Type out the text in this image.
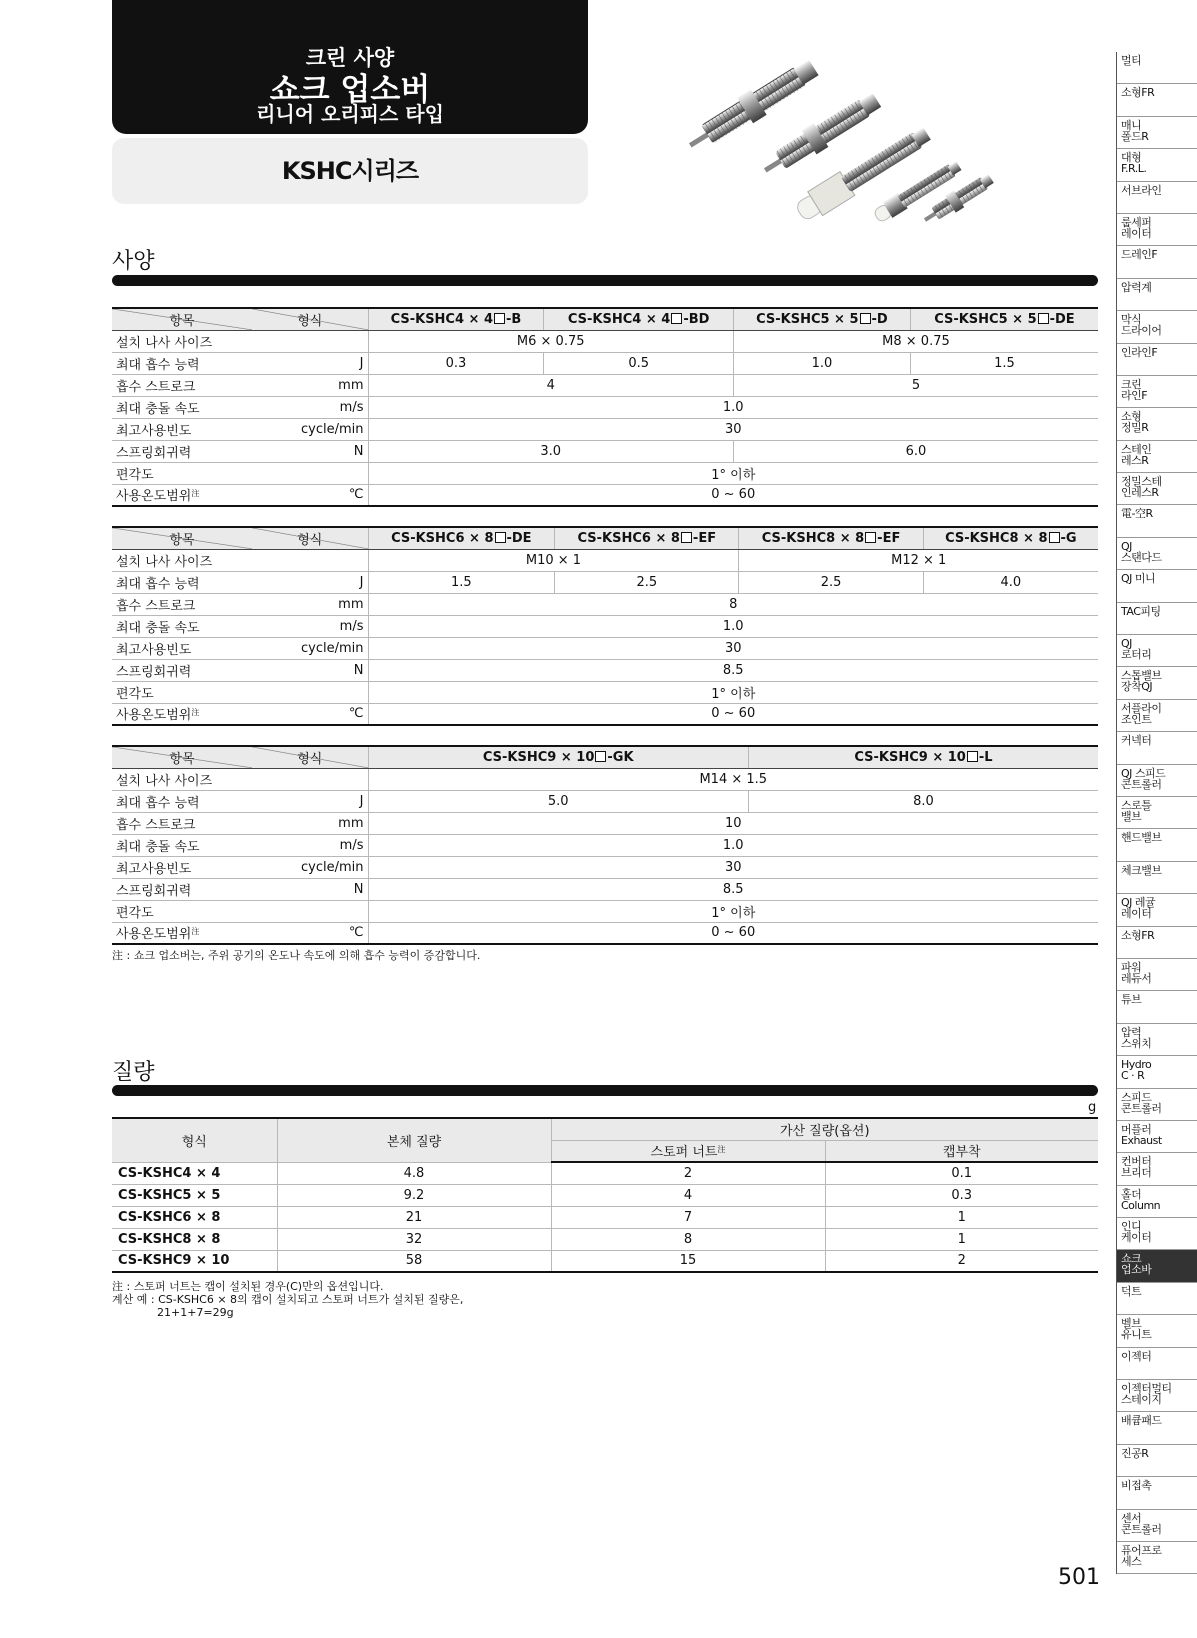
크린 사양
쇼크 업소버
리니어 오리피스 타입
KSHC시리즈
사양
항목	형식	CS-KSHC4 × 4 -B	CS-KSHC4 × 4 -BD	CS-KSHC5 × 5 -D	CS-KSHC5 × 5 -DE
설치 나사 사이즈		M6 × 0.75		M8 × 0.75	
최대 흡수 능력	J	0.3	0.5	1.0	1.5
흡수 스트로크	mm	4		5	
최대 충돌 속도	m/s	1.0			
최고사용빈도	cycle/min	30			
스프링회귀력	N	3.0		6.0	
편각도		1° 이하			
사용온도범위$^注$	℃	0 ~ 60			
항목	형식	CS-KSHC6 × 8 -DE	CS-KSHC6 × 8 -EF	CS-KSHC8 × 8 -EF	CS-KSHC8 × 8 -G
설치 나사 사이즈		M10 × 1		M12 × 1	
최대 흡수 능력	J	1.5	2.5	2.5	4.0
흡수 스트로크	mm	8			
최대 충돌 속도	m/s	1.0			
최고사용빈도	cycle/min	30			
스프링회귀력	N	8.5			
편각도		1° 이하			
사용온도범위$^注$	℃	0 ~ 60			
항목	형식	CS-KSHC9 × 10 -GK	CS-KSHC9 × 10 -L
설치 나사 사이즈		M14 × 1.5	
최대 흡수 능력	J	5.0	8.0
흡수 스트로크	mm	10	
최대 충돌 속도	m/s	1.0	
최고사용빈도	cycle/min	30	
스프링회귀력	N	8.5	
편각도		1° 이하	
사용온도범위$^注$	℃	0 ~ 60	
注 : 쇼크 업소버는, 주위 공기의 온도나 속도에 의해 흡수 능력이 증감합니다.
질량
g
형식	본체 질량	가산 질량(옵션)	
		스토퍼 너트$^注$	캡부착
CS-KSHC4 × 4	4.8	2	0.1
CS-KSHC5 × 5	9.2	4	0.3
CS-KSHC6 × 8	21	7	1
CS-KSHC8 × 8	32	8	1
CS-KSHC9 × 10	58	15	2
注 : 스토퍼 너트는 캡이 설치된 경우(C)만의 옵션입니다.
계산 예 : CS-KSHC6 × 8의 캡이 설치되고 스토퍼 너트가 설치된 질량은,
21+1+7=29g
501
멀티
소형FR
매니
폴드R
대형
F.R.L.
서브라인
룹세퍼
레이터
드레인F
압력계
막식
드라이어
인라인F
크린
라인F
소형
정밀R
스테인
레스R
정밀스테
인레스R
電-空R
QJ
스탠다드
QJ 미니
TAC피팅
QJ
로터리
스톱밸브
장착QJ
서플라이
조인트
커넥터
QJ 스피드
콘트롤러
스로틀
밸브
핸드밸브
체크밸브
QJ 레귤
레이터
소형FR
파워
레듀서
튜브
압력
스위치
Hydro
C · R
스피드
콘트롤러
머플러
Exhaust
컨버터
브리더
홀더
Column
인디
케이터
쇼크
업소바
덕트
벨브
유니트
이젝터
이젝터멀티
스테이지
배큠패드
진공R
비접촉
센서
콘트롤러
퓨어프로
세스
